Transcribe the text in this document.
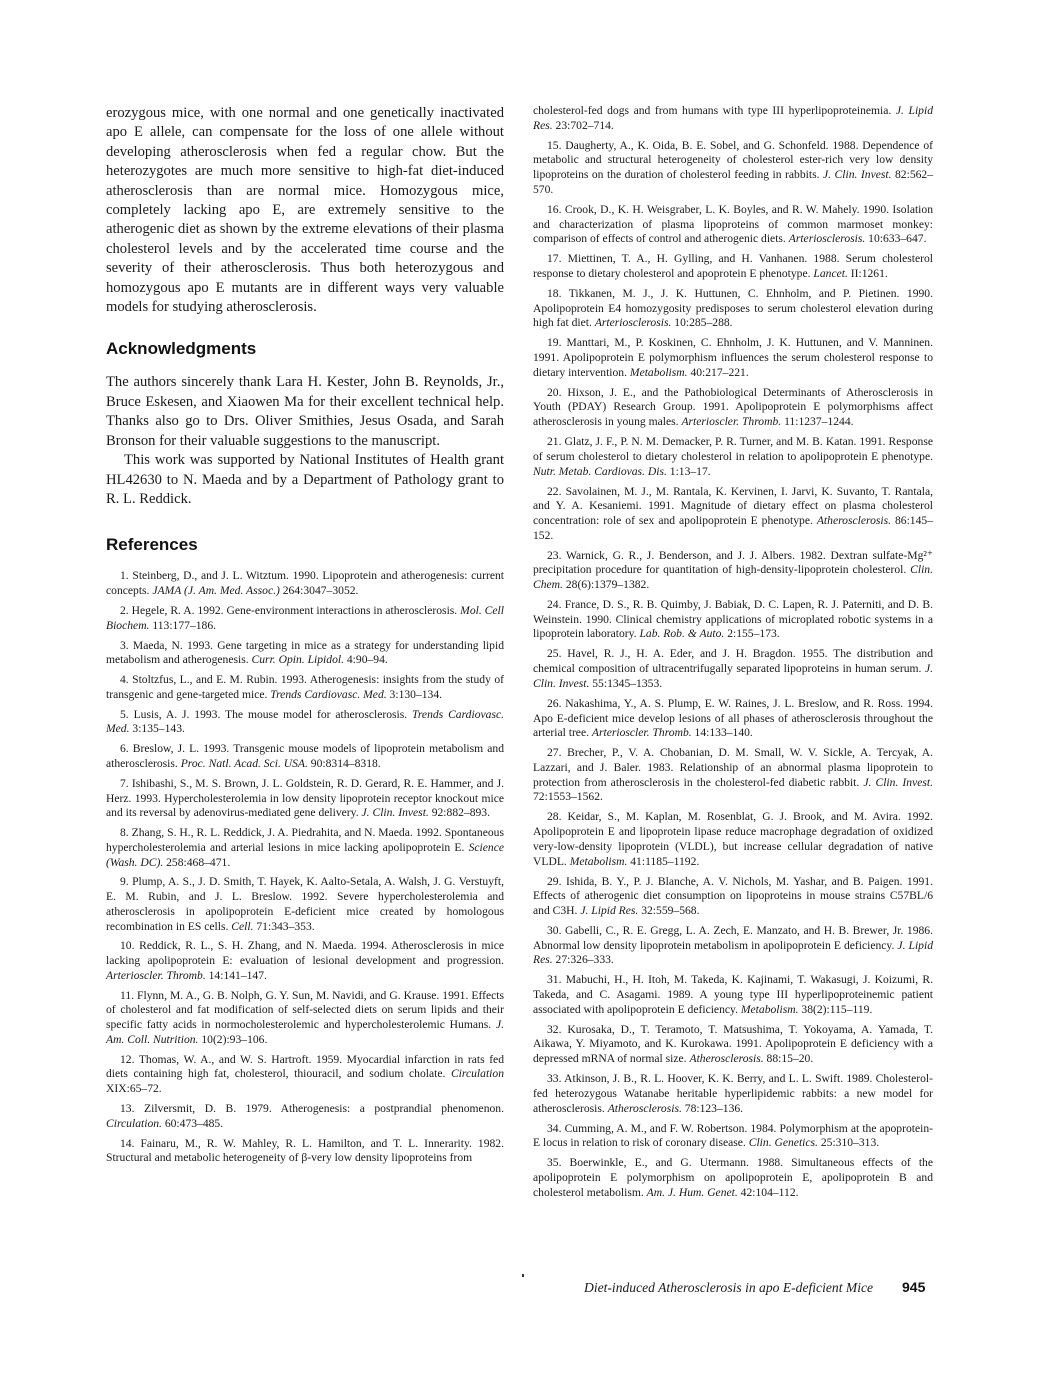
erozygous mice, with one normal and one genetically inactivated apo E allele, can compensate for the loss of one allele without developing atherosclerosis when fed a regular chow. But the heterozygotes are much more sensitive to high-fat diet-induced atherosclerosis than are normal mice. Homozygous mice, completely lacking apo E, are extremely sensitive to the atherogenic diet as shown by the extreme elevations of their plasma cholesterol levels and by the accelerated time course and the severity of their atherosclerosis. Thus both heterozygous and homozygous apo E mutants are in different ways very valuable models for studying atherosclerosis.

Acknowledgments

The authors sincerely thank Lara H. Kester, John B. Reynolds, Jr., Bruce Eskesen, and Xiaowen Ma for their excellent technical help. Thanks also go to Drs. Oliver Smithies, Jesus Osada, and Sarah Bronson for their valuable suggestions to the manuscript.

This work was supported by National Institutes of Health grant HL42630 to N. Maeda and by a Department of Pathology grant to R. L. Reddick.

References

1. Steinberg, D., and J. L. Witztum. 1990. Lipoprotein and atherogenesis: current concepts. JAMA (J. Am. Med. Assoc.) 264:3047–3052.

2. Hegele, R. A. 1992. Gene-environment interactions in atherosclerosis. Mol. Cell Biochem. 113:177–186.

3. Maeda, N. 1993. Gene targeting in mice as a strategy for understanding lipid metabolism and atherogenesis. Curr. Opin. Lipidol. 4:90–94.

4. Stoltzfus, L., and E. M. Rubin. 1993. Atherogenesis: insights from the study of transgenic and gene-targeted mice. Trends Cardiovasc. Med. 3:130–134.

5. Lusis, A. J. 1993. The mouse model for atherosclerosis. Trends Cardiovasc. Med. 3:135–143.

6. Breslow, J. L. 1993. Transgenic mouse models of lipoprotein metabolism and atherosclerosis. Proc. Natl. Acad. Sci. USA. 90:8314–8318.

7. Ishibashi, S., M. S. Brown, J. L. Goldstein, R. D. Gerard, R. E. Hammer, and J. Herz. 1993. Hypercholesterolemia in low density lipoprotein receptor knockout mice and its reversal by adenovirus-mediated gene delivery. J. Clin. Invest. 92:882–893.

8. Zhang, S. H., R. L. Reddick, J. A. Piedrahita, and N. Maeda. 1992. Spontaneous hypercholesterolemia and arterial lesions in mice lacking apolipoprotein E. Science (Wash. DC). 258:468–471.

9. Plump, A. S., J. D. Smith, T. Hayek, K. Aalto-Setala, A. Walsh, J. G. Verstuyft, E. M. Rubin, and J. L. Breslow. 1992. Severe hypercholesterolemia and atherosclerosis in apolipoprotein E-deficient mice created by homologous recombination in ES cells. Cell. 71:343–353.

10. Reddick, R. L., S. H. Zhang, and N. Maeda. 1994. Atherosclerosis in mice lacking apolipoprotein E: evaluation of lesional development and progression. Arterioscler. Thromb. 14:141–147.

11. Flynn, M. A., G. B. Nolph, G. Y. Sun, M. Navidi, and G. Krause. 1991. Effects of cholesterol and fat modification of self-selected diets on serum lipids and their specific fatty acids in normocholesterolemic and hypercholesterolemic Humans. J. Am. Coll. Nutrition. 10(2):93–106.

12. Thomas, W. A., and W. S. Hartroft. 1959. Myocardial infarction in rats fed diets containing high fat, cholesterol, thiouracil, and sodium cholate. Circulation XIX:65–72.

13. Zilversmit, D. B. 1979. Atherogenesis: a postprandial phenomenon. Circulation. 60:473–485.

14. Fainaru, M., R. W. Mahley, R. L. Hamilton, and T. L. Innerarity. 1982. Structural and metabolic heterogeneity of β-very low density lipoproteins from

cholesterol-fed dogs and from humans with type III hyperlipoproteinemia. J. Lipid Res. 23:702–714.

15. Daugherty, A., K. Oida, B. E. Sobel, and G. Schonfeld. 1988. Dependence of metabolic and structural heterogeneity of cholesterol ester-rich very low density lipoproteins on the duration of cholesterol feeding in rabbits. J. Clin. Invest. 82:562–570.

16. Crook, D., K. H. Weisgraber, L. K. Boyles, and R. W. Mahely. 1990. Isolation and characterization of plasma lipoproteins of common marmoset monkey: comparison of effects of control and atherogenic diets. Arteriosclerosis. 10:633–647.

17. Miettinen, T. A., H. Gylling, and H. Vanhanen. 1988. Serum cholesterol response to dietary cholesterol and apoprotein E phenotype. Lancet. II:1261.

18. Tikkanen, M. J., J. K. Huttunen, C. Ehnholm, and P. Pietinen. 1990. Apolipoprotein E4 homozygosity predisposes to serum cholesterol elevation during high fat diet. Arteriosclerosis. 10:285–288.

19. Manttari, M., P. Koskinen, C. Ehnholm, J. K. Huttunen, and V. Manninen. 1991. Apolipoprotein E polymorphism influences the serum cholesterol response to dietary intervention. Metabolism. 40:217–221.

20. Hixson, J. E., and the Pathobiological Determinants of Atherosclerosis in Youth (PDAY) Research Group. 1991. Apolipoprotein E polymorphisms affect atherosclerosis in young males. Arterioscler. Thromb. 11:1237–1244.

21. Glatz, J. F., P. N. M. Demacker, P. R. Turner, and M. B. Katan. 1991. Response of serum cholesterol to dietary cholesterol in relation to apolipoprotein E phenotype. Nutr. Metab. Cardiovas. Dis. 1:13–17.

22. Savolainen, M. J., M. Rantala, K. Kervinen, I. Jarvi, K. Suvanto, T. Rantala, and Y. A. Kesaniemi. 1991. Magnitude of dietary effect on plasma cholesterol concentration: role of sex and apolipoprotein E phenotype. Atherosclerosis. 86:145–152.

23. Warnick, G. R., J. Benderson, and J. J. Albers. 1982. Dextran sulfate-Mg²⁺ precipitation procedure for quantitation of high-density-lipoprotein cholesterol. Clin. Chem. 28(6):1379–1382.

24. France, D. S., R. B. Quimby, J. Babiak, D. C. Lapen, R. J. Paterniti, and D. B. Weinstein. 1990. Clinical chemistry applications of microplated robotic systems in a lipoprotein laboratory. Lab. Rob. & Auto. 2:155–173.

25. Havel, R. J., H. A. Eder, and J. H. Bragdon. 1955. The distribution and chemical composition of ultracentrifugally separated lipoproteins in human serum. J. Clin. Invest. 55:1345–1353.

26. Nakashima, Y., A. S. Plump, E. W. Raines, J. L. Breslow, and R. Ross. 1994. Apo E-deficient mice develop lesions of all phases of atherosclerosis throughout the arterial tree. Arterioscler. Thromb. 14:133–140.

27. Brecher, P., V. A. Chobanian, D. M. Small, W. V. Sickle, A. Tercyak, A. Lazzari, and J. Baler. 1983. Relationship of an abnormal plasma lipoprotein to protection from atherosclerosis in the cholesterol-fed diabetic rabbit. J. Clin. Invest. 72:1553–1562.

28. Keidar, S., M. Kaplan, M. Rosenblat, G. J. Brook, and M. Avira. 1992. Apolipoprotein E and lipoprotein lipase reduce macrophage degradation of oxidized very-low-density lipoprotein (VLDL), but increase cellular degradation of native VLDL. Metabolism. 41:1185–1192.

29. Ishida, B. Y., P. J. Blanche, A. V. Nichols, M. Yashar, and B. Paigen. 1991. Effects of atherogenic diet consumption on lipoproteins in mouse strains C57BL/6 and C3H. J. Lipid Res. 32:559–568.

30. Gabelli, C., R. E. Gregg, L. A. Zech, E. Manzato, and H. B. Brewer, Jr. 1986. Abnormal low density lipoprotein metabolism in apolipoprotein E deficiency. J. Lipid Res. 27:326–333.

31. Mabuchi, H., H. Itoh, M. Takeda, K. Kajinami, T. Wakasugi, J. Koizumi, R. Takeda, and C. Asagami. 1989. A young type III hyperlipoproteinemic patient associated with apolipoprotein E deficiency. Metabolism. 38(2):115–119.

32. Kurosaka, D., T. Teramoto, T. Matsushima, T. Yokoyama, A. Yamada, T. Aikawa, Y. Miyamoto, and K. Kurokawa. 1991. Apolipoprotein E deficiency with a depressed mRNA of normal size. Atherosclerosis. 88:15–20.

33. Atkinson, J. B., R. L. Hoover, K. K. Berry, and L. L. Swift. 1989. Cholesterol-fed heterozygous Watanabe heritable hyperlipidemic rabbits: a new model for atherosclerosis. Atherosclerosis. 78:123–136.

34. Cumming, A. M., and F. W. Robertson. 1984. Polymorphism at the apoprotein-E locus in relation to risk of coronary disease. Clin. Genetics. 25:310–313.

35. Boerwinkle, E., and G. Utermann. 1988. Simultaneous effects of the apolipoprotein E polymorphism on apolipoprotein E, apolipoprotein B and cholesterol metabolism. Am. J. Hum. Genet. 42:104–112.

Diet-induced Atherosclerosis in apo E-deficient Mice 945
